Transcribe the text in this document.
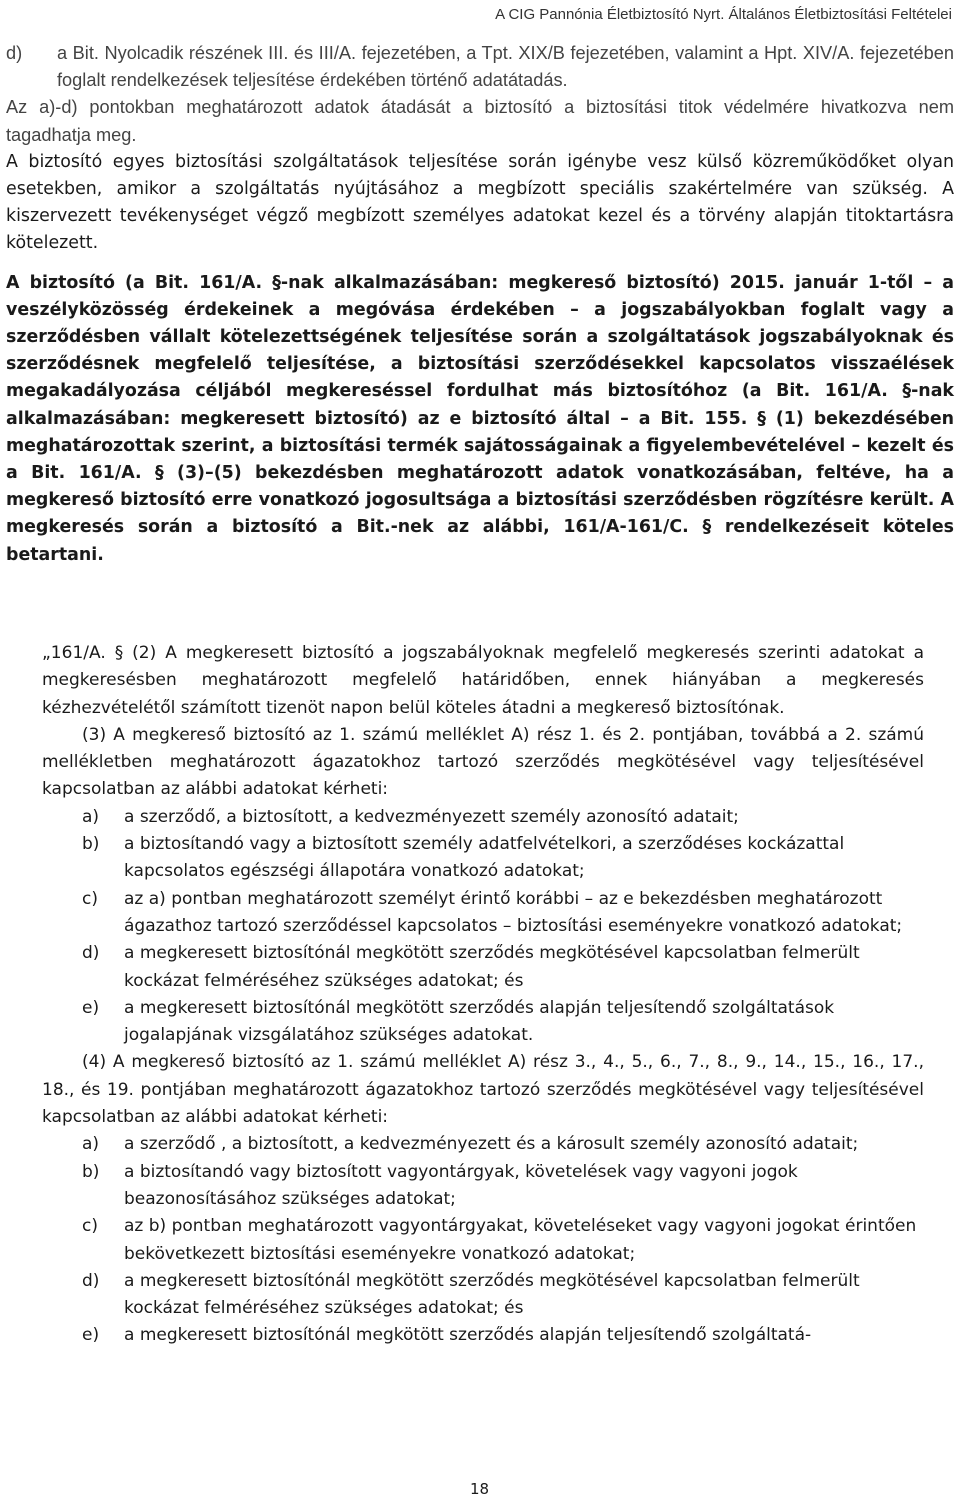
A CIG Pannónia Életbiztosító Nyrt. Általános Életbiztosítási Feltételei
d)	a Bit. Nyolcadik részének III. és III/A. fejezetében, a Tpt. XIX/B fejezetében, valamint a Hpt. XIV/A. fejezetében foglalt rendelkezések teljesítése érdekében történő adatátadás.

Az a)-d) pontokban meghatározott adatok átadását a biztosító a biztosítási titok védelmére hivatkozva nem tagadhatja meg.

A biztosító egyes biztosítási szolgáltatások teljesítése során igénybe vesz külső közreműködőket olyan esetekben, amikor a szolgáltatás nyújtásához a megbízott speciális szakértelmére van szükség. A kiszervezett tevékenységet végző megbízott személyes adatokat kezel és a törvény alapján titoktartásra kötelezett.

A biztosító (a Bit. 161/A. §-nak alkalmazásában: megkereső biztosító) 2015. január 1-től – a veszélyközösség érdekeinek a megóvása érdekében – a jogszabályokban foglalt vagy a szerződésben vállalt kötelezettségének teljesítése során a szolgáltatások jogszabályoknak és szerződésnek megfelelő teljesítése, a biztosítási szerződésekkel kapcsolatos visszaélések megakadályozása céljából megkereséssel fordulhat más biztosítóhoz (a Bit. 161/A. §-nak alkalmazásában: megkeresett biztosító) az e biztosító által – a Bit. 155. § (1) bekezdésében meghatározottak szerint, a biztosítási termék sajátosságainak a figyelembevételével – kezelt és a Bit. 161/A. § (3)–(5) bekezdésben meghatározott adatok vonatkozásában, feltéve, ha a megkereső biztosító erre vonatkozó jogosultsága a biztosítási szerződésben rögzítésre került. A megkeresés során a biztosító a Bit.-nek az alábbi, 161/A-161/C. § rendelkezéseit köteles betartani.

„161/A. § (2) A megkeresett biztosító a jogszabályoknak megfelelő megkeresés szerinti adatokat a megkeresésben meghatározott megfelelő határidőben, ennek hiányában a megkeresés kézhezvételétől számított tizenöt napon belül köteles átadni a megkereső biztosítónak.

(3) A megkereső biztosító az 1. számú melléklet A) rész 1. és 2. pontjában, továbbá a 2. számú mellékletben meghatározott ágazatokhoz tartozó szerződés megkötésével vagy teljesítésével kapcsolatban az alábbi adatokat kérheti:

a)	a szerződő, a biztosított, a kedvezményezett személy azonosító adatait;
b)	a biztosítandó vagy a biztosított személy adatfelvételkori, a szerződéses kockázattal kapcsolatos egészségi állapotára vonatkozó adatokat;
c)	az a) pontban meghatározott személyt érintő korábbi – az e bekezdésben meghatározott ágazathoz tartozó szerződéssel kapcsolatos – biztosítási eseményekre vonatkozó adatokat;
d)	a megkeresett biztosítónál megkötött szerződés megkötésével kapcsolatban felmerült kockázat felméréséhez szükséges adatokat; és
e)	a megkeresett biztosítónál megkötött szerződés alapján teljesítendő szolgáltatások jogalapjának vizsgálatához szükséges adatokat.

(4) A megkereső biztosító az 1. számú melléklet A) rész 3., 4., 5., 6., 7., 8., 9., 14., 15., 16., 17., 18., és 19. pontjában meghatározott ágazatokhoz tartozó szerződés megkötésével vagy teljesítésével kapcsolatban az alábbi adatokat kérheti:

a)	a szerződő , a biztosított, a kedvezményezett és a károsult személy azonosító adatait;
b)	a biztosítandó vagy biztosított vagyontárgyak, követelések vagy vagyoni jogok beazonosításához szükséges adatokat;
c)	az b) pontban meghatározott vagyontárgyakat, követeléseket vagy vagyoni jogokat érintően bekövetkezett biztosítási eseményekre vonatkozó adatokat;
d)	a megkeresett biztosítónál megkötött szerződés megkötésével kapcsolatban felmerült kockázat felméréséhez szükséges adatokat; és
e)	a megkeresett biztosítónál megkötött szerződés alapján teljesítendő szolgáltatá-
18
